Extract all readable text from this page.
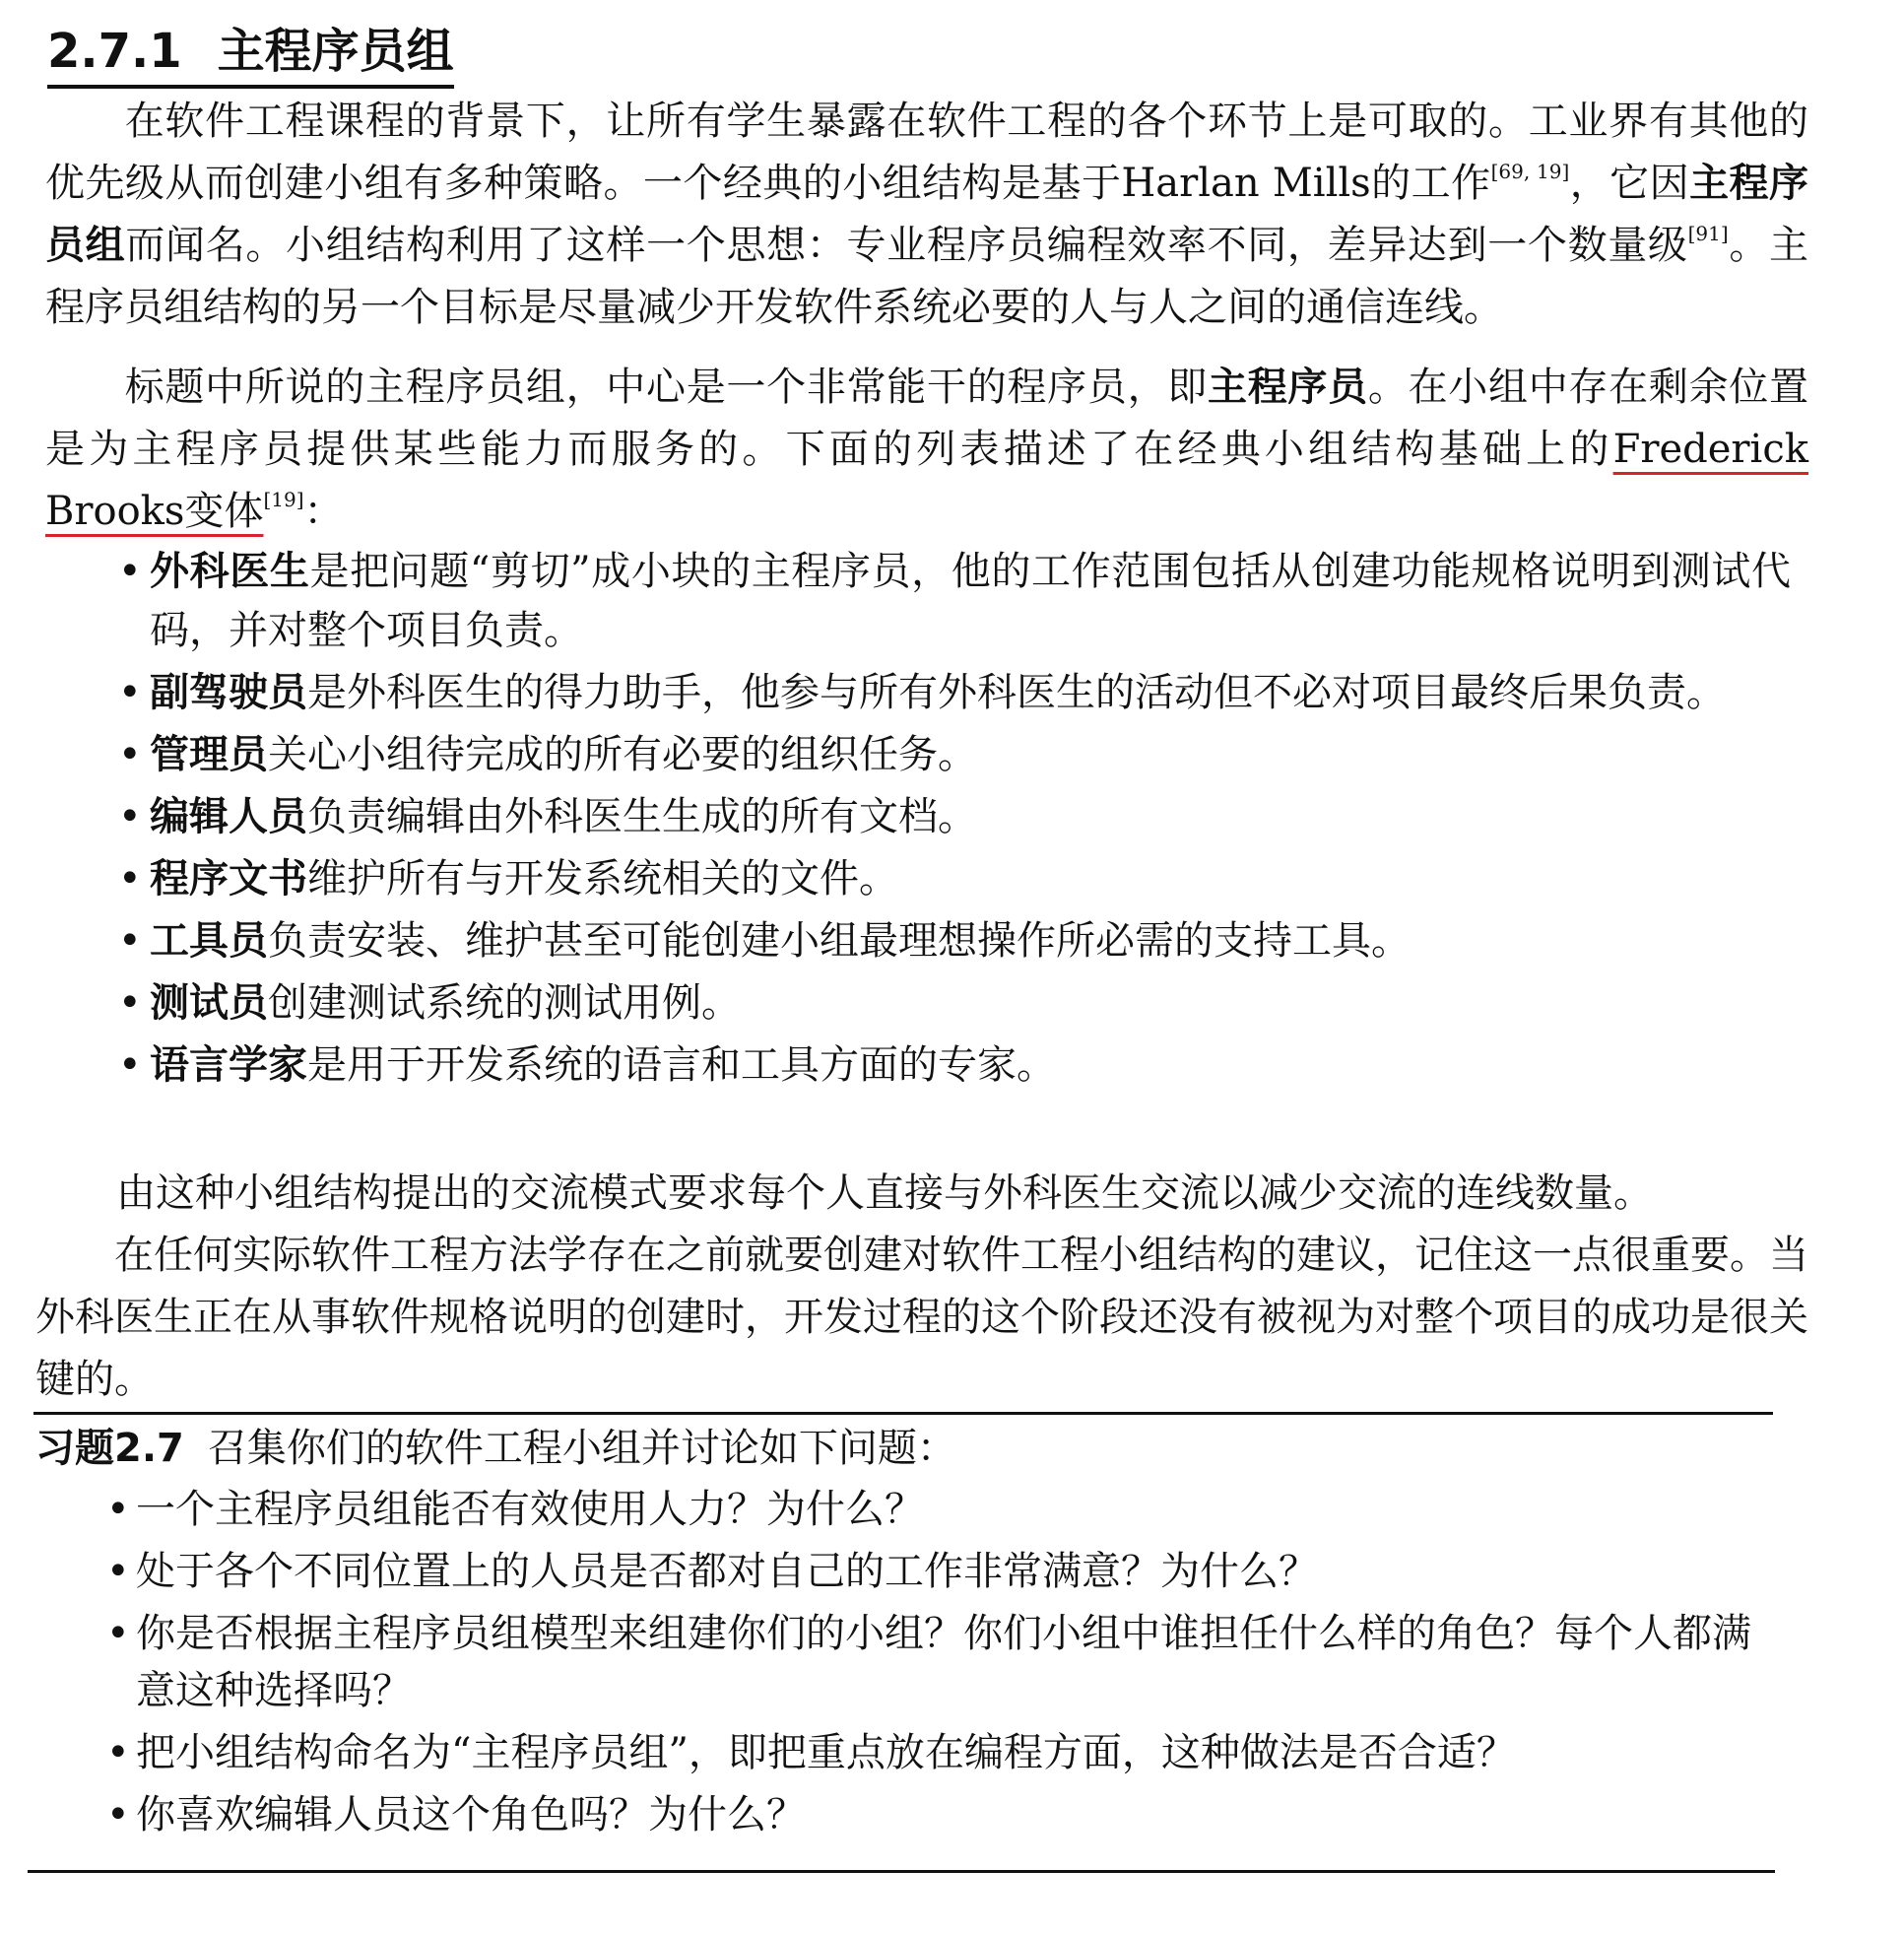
2.7.1 主程序员组
在软件工程课程的背景下，让所有学生暴露在软件工程的各个环节上是可取的。工业界有其他的优先级从而创建小组有多种策略。一个经典的小组结构是基于Harlan Mills的工作[69, 19]，它因主程序员组而闻名。小组结构利用了这样一个思想：专业程序员编程效率不同，差异达到一个数量级[91]。主程序员组结构的另一个目标是尽量减少开发软件系统必要的人与人之间的通信连线。
标题中所说的主程序员组，中心是一个非常能干的程序员，即主程序员。在小组中存在剩余位置是为主程序员提供某些能力而服务的。下面的列表描述了在经典小组结构基础上的Frederick Brooks变体[19]：
• 外科医生是把问题“剪切”成小块的主程序员，他的工作范围包括从创建功能规格说明到测试代码，并对整个项目负责。
• 副驾驶员是外科医生的得力助手，他参与所有外科医生的活动但不必对项目最终后果负责。
• 管理员关心小组待完成的所有必要的组织任务。
• 编辑人员负责编辑由外科医生生成的所有文档。
• 程序文书维护所有与开发系统相关的文件。
• 工具员负责安装、维护甚至可能创建小组最理想操作所必需的支持工具。
• 测试员创建测试系统的测试用例。
• 语言学家是用于开发系统的语言和工具方面的专家。
由这种小组结构提出的交流模式要求每个人直接与外科医生交流以减少交流的连线数量。
在任何实际软件工程方法学存在之前就要创建对软件工程小组结构的建议，记住这一点很重要。当外科医生正在从事软件规格说明的创建时，开发过程的这个阶段还没有被视为对整个项目的成功是很关键的。
习题2.7 召集你们的软件工程小组并讨论如下问题：
• 一个主程序员组能否有效使用人力？为什么？
• 处于各个不同位置上的人员是否都对自己的工作非常满意？为什么？
• 你是否根据主程序员组模型来组建你们的小组？你们小组中谁担任什么样的角色？每个人都满意这种选择吗？
• 把小组结构命名为“主程序员组”，即把重点放在编程方面，这种做法是否合适？
• 你喜欢编辑人员这个角色吗？为什么？
